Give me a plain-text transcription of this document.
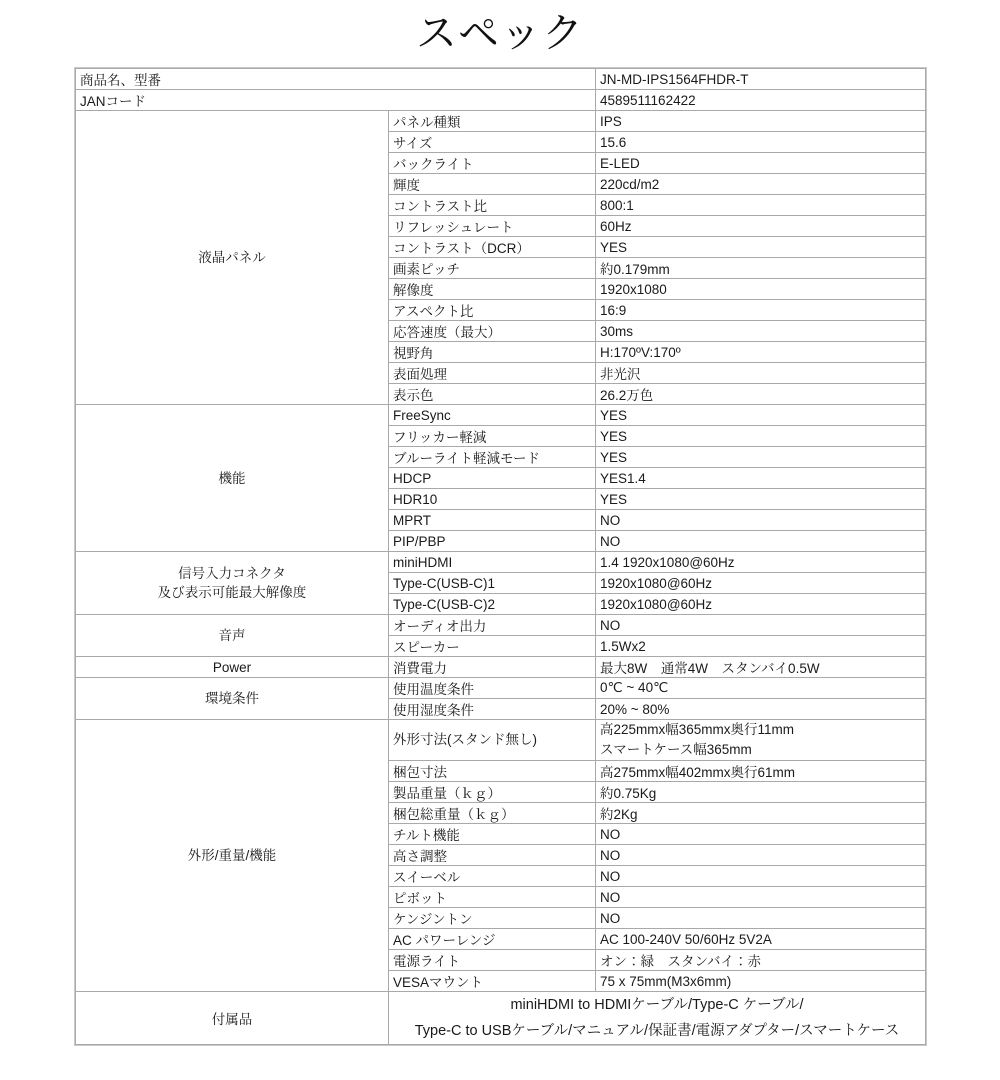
スペック
商品名、型番		JN-MD-IPS1564FHDR-T
JANコード		4589511162422
液晶パネル	パネル種類	IPS
	サイズ	15.6
	バックライト	E-LED
	輝度	220cd/m2
	コントラスト比	800:1
	リフレッシュレート	60Hz
	コントラスト（DCR）	YES
	画素ピッチ	約0.179mm
	解像度	1920x1080
	アスペクト比	16:9
	応答速度（最大）	30ms
	視野角	H:170ºV:170º
	表面処理	非光沢
	表示色	26.2万色
機能	FreeSync	YES
	フリッカー軽減	YES
	ブルーライト軽減モード	YES
	HDCP	YES1.4
	HDR10	YES
	MPRT	NO
	PIP/PBP	NO

信号入力コネクタ
及び表示可能最大解像度	miniHDMI	1.4 1920x1080@60Hz
	Type-C(USB-C)1	1920x1080@60Hz
	Type-C(USB-C)2	1920x1080@60Hz
音声	オーディオ出力	NO
	スピーカー	1.5Wx2
Power	消費電力	最大8W　通常4W　スタンバイ0.5W
環境条件	使用温度条件	0℃ ~ 40℃
	使用湿度条件	20% ~ 80%
外形/重量/機能	外形寸法(スタンド無し)	高225mmx幅365mmx奥行11mm
スマートケース幅365mm

	梱包寸法	高275mmx幅402mmx奥行61mm
	製品重量（ｋｇ）	約0.75Kg
	梱包総重量（ｋｇ）	約2Kg
	チルト機能	NO
	高さ調整	NO
	スイーベル	NO
	ピボット	NO
	ケンジントン	NO
	AC パワーレンジ	AC 100-240V 50/60Hz 5V2A
	電源ライト	オン：緑　スタンバイ：赤
	VESAマウント	75 x 75mm(M3x6mm)
付属品	miniHDMI to HDMIケーブル/Type-C ケーブル/
Type-C to USBケーブル/マニュアル/保証書/電源アダプター/スマートケース	
